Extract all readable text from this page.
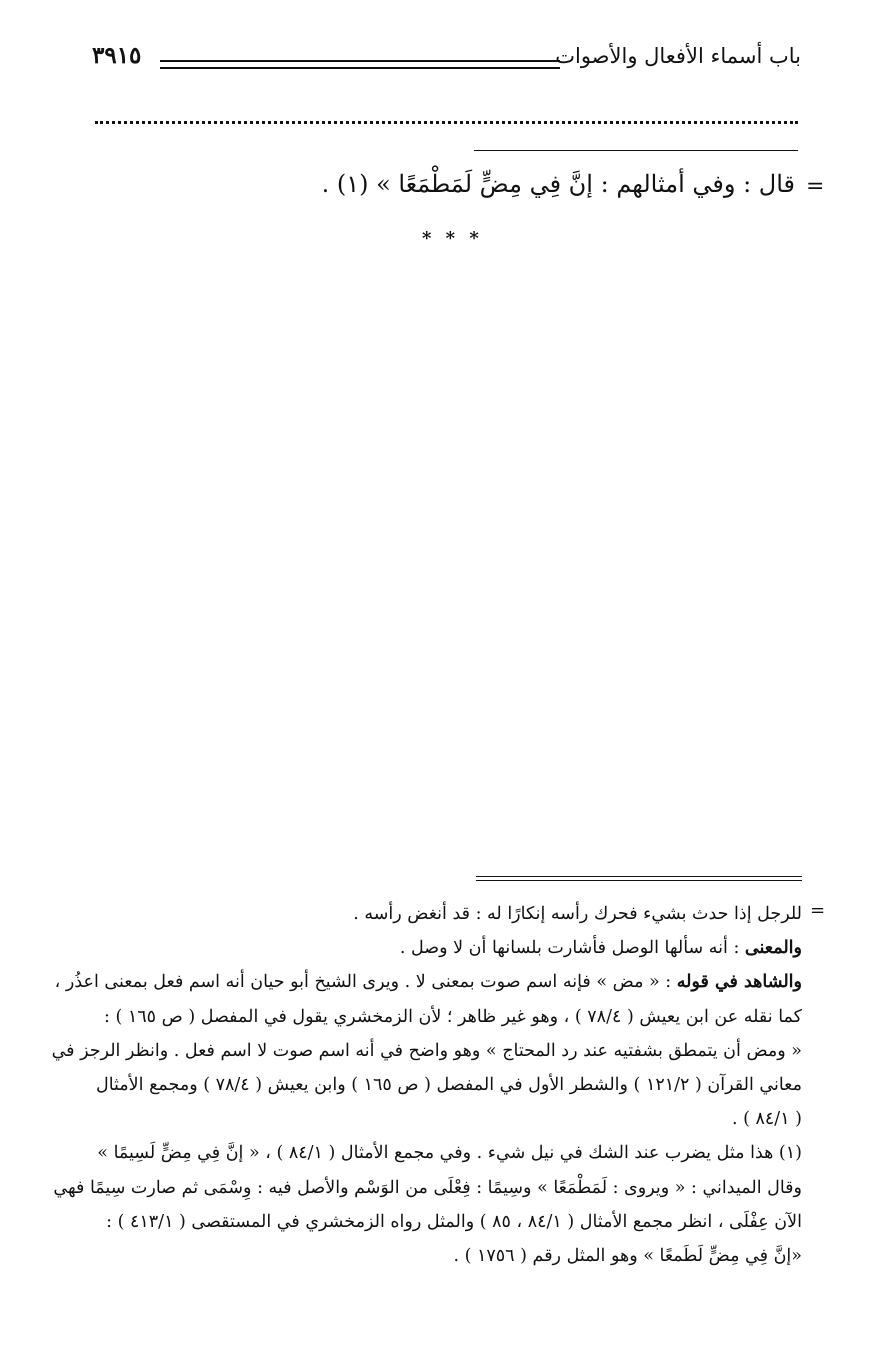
باب أسماء الأفعال والأصوات
٣٩١٥
=
قال : وفي أمثالهم : إنَّ فِي مِضٍّ لَمَطْمَعًا » (١) .
* * *
=
للرجل إذا حدث بشيء فحرك رأسه إنكارًا له : قد أنغض رأسه .
والمعنى : أنه سألها الوصل فأشارت بلسانها أن لا وصل .
والشاهد في قوله : « مض » فإنه اسم صوت بمعنى لا . ويرى الشيخ أبو حيان أنه اسم فعل بمعنى اعذُر ،
كما نقله عن ابن يعيش ( ٧٨/٤ ) ، وهو غير ظاهر ؛ لأن الزمخشري يقول في المفصل ( ص ١٦٥ ) :
« ومض أن يتمطق بشفتيه عند رد المحتاج » وهو واضح في أنه اسم صوت لا اسم فعل . وانظر الرجز في
معاني القرآن ( ١٢١/٢ ) والشطر الأول في المفصل ( ص ١٦٥ ) وابن يعيش ( ٧٨/٤ ) ومجمع الأمثال
( ٨٤/١ ) .
(١) هذا مثل يضرب عند الشك في نيل شيء . وفي مجمع الأمثال ( ٨٤/١ ) ، « إنَّ فِي مِضٍّ لَسِيمًا »
وقال الميداني : « ويروى : لَمَطْمَعًا » وسِيمًا : فِعْلَى من الوَسْم والأصل فيه : وِسْمَى ثم صارت سِيمًا فهي
الآن عِفْلَى ، انظر مجمع الأمثال ( ٨٤/١ ، ٨٥ ) والمثل رواه الزمخشري في المستقصى ( ٤١٣/١ ) :
«إنَّ فِي مِضٍّ لَطَمعًا » وهو المثل رقم ( ١٧٥٦ ) .
